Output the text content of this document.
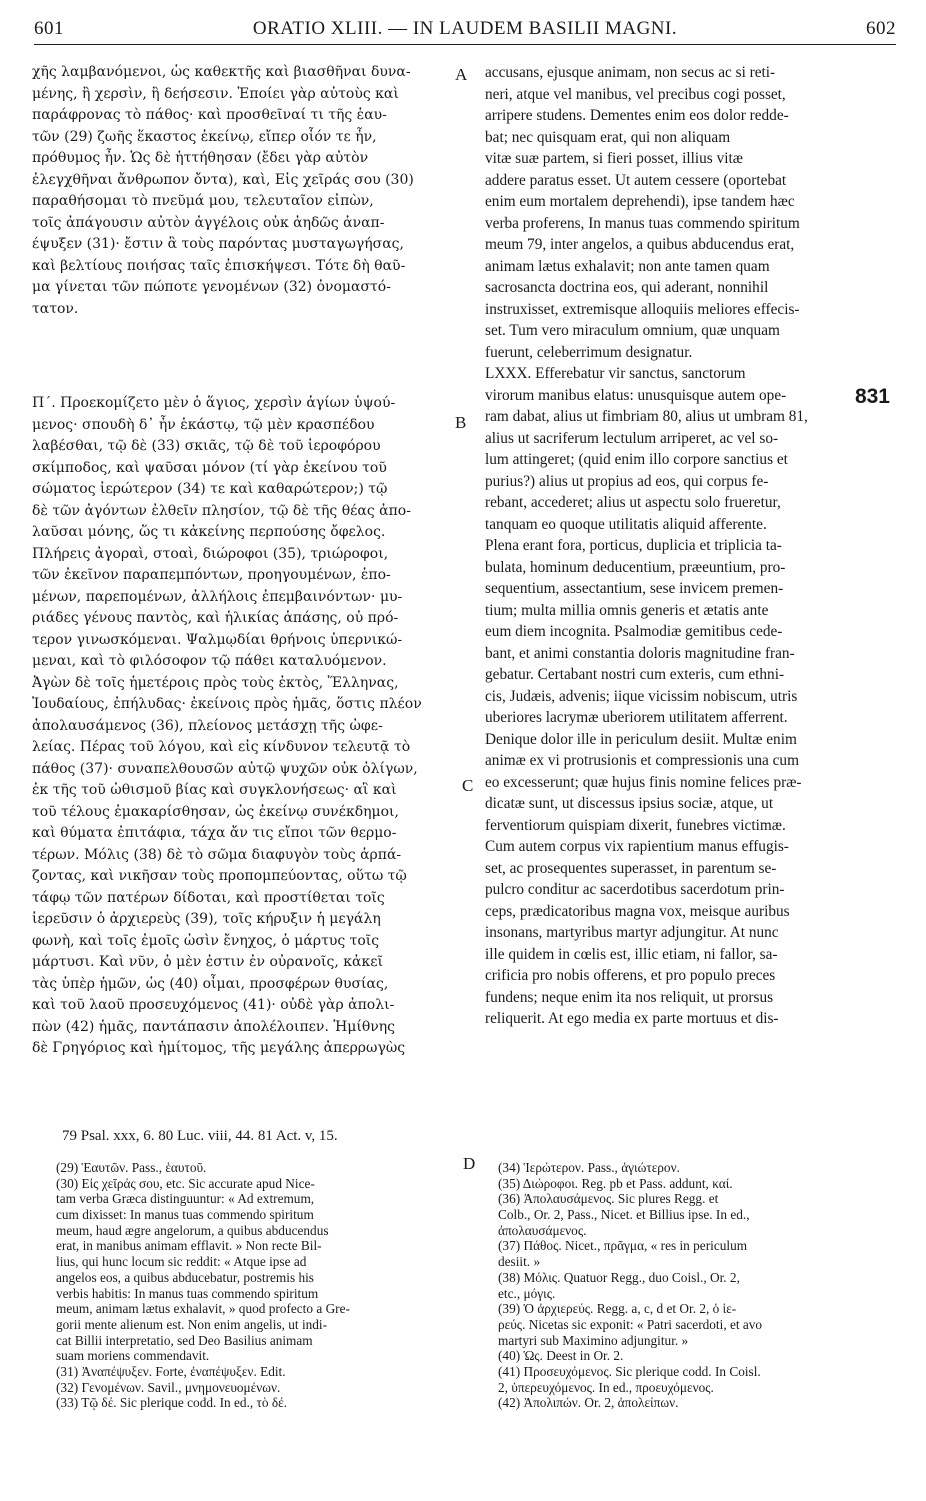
601	ORATIO XLIII. — IN LAUDEM BASILII MAGNI.	602
A
B
C
D
831
χῆς λαμβανόμενοι, ὡς καθεκτῆς καὶ βιασθῆναι δυνα-
μένης, ἢ χερσὶν, ἢ δεήσεσιν. Ἐποίει γὰρ αὐτοὺς καὶ
παράφρονας τὸ πάθος· καὶ προσθεῖναί τι τῆς ἑαυ-
τῶν (29) ζωῆς ἕκαστος ἐκείνῳ, εἴπερ οἷόν τε ἦν,
πρόθυμος ἦν. Ὡς δὲ ἡττήθησαν (ἔδει γὰρ αὐτὸν
ἐλεγχθῆναι ἄνθρωπον ὄντα), καὶ, Εἰς χεῖράς σου (30)
παραθήσομαι τὸ πνεῦμά μου, τελευταῖον εἰπὼν,
τοῖς ἀπάγουσιν αὐτὸν ἀγγέλοις οὐκ ἀηδῶς ἀναπ-
έψυξεν (31)· ἔστιν ἃ τοὺς παρόντας μυσταγωγήσας,
καὶ βελτίους ποιήσας ταῖς ἐπισκήψεσι. Τότε δὴ θαῦ-
μα γίνεται τῶν πώποτε γενομένων (32) ὀνομαστό-
τατον.
Π΄. Προεκομίζετο μὲν ὁ ἅγιος, χερσὶν ἁγίων ὑψού-
μενος· σπουδὴ δ᾽ ἦν ἑκάστῳ, τῷ μὲν κρασπέδου
λαβέσθαι, τῷ δὲ (33) σκιᾶς, τῷ δὲ τοῦ ἱεροφόρου
σκίμποδος, καὶ ψαῦσαι μόνον (τί γὰρ ἐκείνου τοῦ
σώματος ἱερώτερον (34) τε καὶ καθαρώτερον;) τῷ
δὲ τῶν ἀγόντων ἐλθεῖν πλησίον, τῷ δὲ τῆς θέας ἀπο-
λαῦσαι μόνης, ὥς τι κἀκείνης περπούσης ὄφελος.
Πλήρεις ἀγοραὶ, στοαὶ, διώροφοι (35), τριώροφοι,
τῶν ἐκεῖνον παραπεμπόντων, προηγουμένων, ἑπο-
μένων, παρεπομένων, ἀλλήλοις ἐπεμβαινόντων· μυ-
ριάδες γένους παντὸς, καὶ ἡλικίας ἁπάσης, οὐ πρό-
τερον γινωσκόμεναι. Ψαλμῳδίαι θρήνοις ὑπερνικώ-
μεναι, καὶ τὸ φιλόσοφον τῷ πάθει καταλυόμενον.
Ἀγὼν δὲ τοῖς ἡμετέροις πρὸς τοὺς ἐκτὸς, Ἕλληνας,
Ἰουδαίους, ἐπήλυδας· ἐκείνοις πρὸς ἡμᾶς, ὅστις πλέον
ἀπολαυσάμενος (36), πλείονος μετάσχῃ τῆς ὠφε-
λείας. Πέρας τοῦ λόγου, καὶ εἰς κίνδυνον τελευτᾷ τὸ
πάθος (37)· συναπελθουσῶν αὐτῷ ψυχῶν οὐκ ὀλίγων,
ἐκ τῆς τοῦ ὠθισμοῦ βίας καὶ συγκλονήσεως· αἳ καὶ
τοῦ τέλους ἐμακαρίσθησαν, ὡς ἐκείνῳ συνέκδημοι,
καὶ θύματα ἐπιτάφια, τάχα ἄν τις εἴποι τῶν θερμο-
τέρων. Μόλις (38) δὲ τὸ σῶμα διαφυγὸν τοὺς ἁρπά-
ζοντας, καὶ νικῆσαν τοὺς προπομπεύοντας, οὕτω τῷ
τάφῳ τῶν πατέρων δίδοται, καὶ προστίθεται τοῖς
ἱερεῦσιν ὁ ἀρχιερεὺς (39), τοῖς κήρυξιν ἡ μεγάλη
φωνὴ, καὶ τοῖς ἐμοῖς ὠσὶν ἔνηχος, ὁ μάρτυς τοῖς
μάρτυσι. Καὶ νῦν, ὁ μὲν ἐστιν ἐν οὐρανοῖς, κἀκεῖ
τὰς ὑπὲρ ἡμῶν, ὡς (40) οἶμαι, προσφέρων θυσίας,
καὶ τοῦ λαοῦ προσευχόμενος (41)· οὐδὲ γὰρ ἀπολι-
πὼν (42) ἡμᾶς, παντάπασιν ἀπολέλοιπεν. Ἡμίθνης
δὲ Γρηγόριος καὶ ἡμίτομος, τῆς μεγάλης ἀπερρωγὼς
accusans, ejusque animam, non secus ac si reti-
neri, atque vel manibus, vel precibus cogi posset,
arripere studens. Dementes enim eos dolor redde-
bat; nec quisquam erat, qui non aliquam
vitæ suæ partem, si fieri posset, illius vitæ
addere paratus esset. Ut autem cessere (oportebat
enim eum mortalem deprehendi), ipse tandem hæc
verba proferens, In manus tuas commendo spiritum
meum 79, inter angelos, a quibus abducendus erat,
animam lætus exhalavit; non ante tamen quam
sacrosancta doctrina eos, qui aderant, nonnihil
instruxisset, extremisque alloquiis meliores effecis-
set. Tum vero miraculum omnium, quæ unquam
fuerunt, celeberrimum designatur.
LXXX. Efferebatur vir sanctus, sanctorum
virorum manibus elatus: unusquisque autem ope-
ram dabat, alius ut fimbriam 80, alius ut umbram 81,
alius ut sacriferum lectulum arriperet, ac vel so-
lum attingeret; (quid enim illo corpore sanctius et
purius?) alius ut propius ad eos, qui corpus fe-
rebant, accederet; alius ut aspectu solo frueretur,
tanquam eo quoque utilitatis aliquid afferente.
Plena erant fora, porticus, duplicia et triplicia ta-
bulata, hominum deducentium, præeuntium, pro-
sequentium, assectantium, sese invicem premen-
tium; multa millia omnis generis et ætatis ante
eum diem incognita. Psalmodiæ gemitibus cede-
bant, et animi constantia doloris magnitudine fran-
gebatur. Certabant nostri cum exteris, cum ethni-
cis, Judæis, advenis; iique vicissim nobiscum, utris
uberiores lacrymæ uberiorem utilitatem afferrent.
Denique dolor ille in periculum desiit. Multæ enim
animæ ex vi protrusionis et compressionis una cum
eo excesserunt; quæ hujus finis nomine felices præ-
dicatæ sunt, ut discessus ipsius sociæ, atque, ut
ferventiorum quispiam dixerit, funebres victimæ.
Cum autem corpus vix rapientium manus effugis-
set, ac prosequentes superasset, in parentum se-
pulcro conditur ac sacerdotibus sacerdotum prin-
ceps, prædicatoribus magna vox, meisque auribus
insonans, martyribus martyr adjungitur. At nunc
ille quidem in cœlis est, illic etiam, ni fallor, sa-
crificia pro nobis offerens, et pro populo preces
fundens; neque enim ita nos reliquit, ut prorsus
reliquerit. At ego media ex parte mortuus et dis-
79 Psal. xxx, 6. 80 Luc. viii, 44. 81 Act. v, 15.
(29) Ἑαυτῶν. Pass., ἑαυτοῦ.
(30) Εἰς χεῖράς σου, etc. Sic accurate apud Nice-
tam verba Græca distinguuntur: « Ad extremum,
cum dixisset: In manus tuas commendo spiritum
meum, haud ægre angelorum, a quibus abducendus
erat, in manibus animam efflavit. » Non recte Bil-
lius, qui hunc locum sic reddit: « Atque ipse ad
angelos eos, a quibus abducebatur, postremis his
verbis habitis: In manus tuas commendo spiritum
meum, animam lætus exhalavit, » quod profecto a Gre-
gorii mente alienum est. Non enim angelis, ut indi-
cat Billii interpretatio, sed Deo Basilius animam
suam moriens commendavit.
(31) Ἀναπέψυξεν. Forte, ἐναπέψυξεν. Edit.
(32) Γενομένων. Savil., μνημονευομένων.
(33) Τῷ δέ. Sic plerique codd. In ed., τὸ δέ.
(34) Ἱερώτερον. Pass., ἁγιώτερον.
(35) Διώροφοι. Reg. pb et Pass. addunt, καί.
(36) Ἀπολαυσάμενος. Sic plures Regg. et
Colb., Or. 2, Pass., Nicet. et Billius ipse. In ed.,
ἀπολαυσάμενος.
(37) Πάθος. Nicet., πρᾶγμα, « res in periculum
desiit. »
(38) Μόλις. Quatuor Regg., duo Coisl., Or. 2,
etc., μόγις.
(39) Ὁ ἀρχιερεύς. Regg. a, c, d et Or. 2, ὁ ἱε-
ρεύς. Nicetas sic exponit: « Patri sacerdoti, et avo
martyri sub Maximino adjungitur. »
(40) Ὡς. Deest in Or. 2.
(41) Προσευχόμενος. Sic plerique codd. In Coisl.
2, ὑπερευχόμενος. In ed., προευχόμενος.
(42) Ἀπολιπών. Or. 2, ἀπολείπων.
